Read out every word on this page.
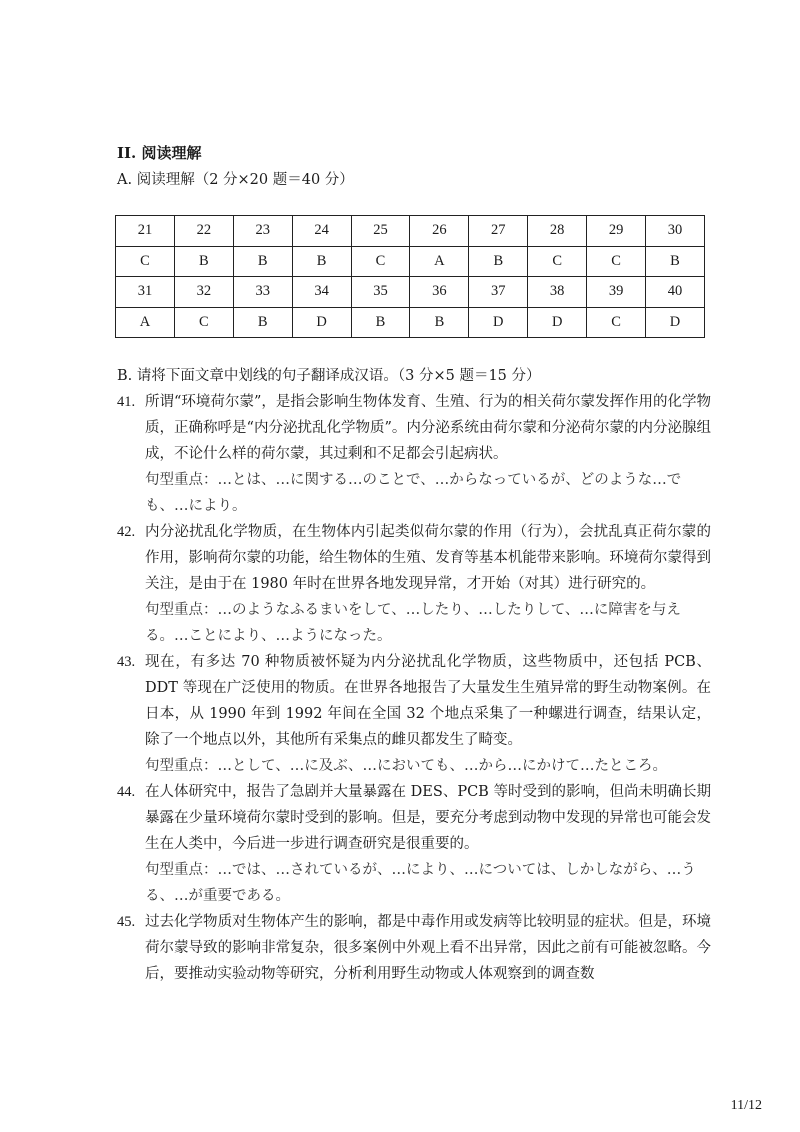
II. 阅读理解

A. 阅读理解（2 分×20 题＝40 分）

21	22	23	24	25	26	27	28	29	30
C	B	B	B	C	A	B	C	C	B
31	32	33	34	35	36	37	38	39	40
A	C	B	D	B	B	D	D	C	D

B. 请将下面文章中划线的句子翻译成汉语。（3 分×5 题＝15 分）

41. 所谓“环境荷尔蒙”，是指会影响生物体发育、生殖、行为的相关荷尔蒙发挥作用的化学物质，正确称呼是“内分泌扰乱化学物质”。内分泌系统由荷尔蒙和分泌荷尔蒙的内分泌腺组成，不论什么样的荷尔蒙，其过剩和不足都会引起病状。

句型重点：…とは、…に関する…のことで、…からなっているが、どのような…でも、…により。

42. 内分泌扰乱化学物质，在生物体内引起类似荷尔蒙的作用（行为），会扰乱真正荷尔蒙的作用，影响荷尔蒙的功能，给生物体的生殖、发育等基本机能带来影响。环境荷尔蒙得到关注，是由于在 1980 年时在世界各地发现异常，才开始（对其）进行研究的。

句型重点：…のようなふるまいをして、…したり、…したりして、…に障害を与える。…ことにより、…ようになった。

43. 现在，有多达 70 种物质被怀疑为内分泌扰乱化学物质，这些物质中，还包括 PCB、DDT 等现在广泛使用的物质。在世界各地报告了大量发生生殖异常的野生动物案例。在日本，从 1990 年到 1992 年间在全国 32 个地点采集了一种螺进行调查，结果认定，除了一个地点以外，其他所有采集点的雌贝都发生了畸变。

句型重点：…として、…に及ぶ、…においても、…から…にかけて…たところ。

44. 在人体研究中，报告了急剧并大量暴露在 DES、PCB 等时受到的影响，但尚未明确长期暴露在少量环境荷尔蒙时受到的影响。但是，要充分考虑到动物中发现的异常也可能会发生在人类中，今后进一步进行调查研究是很重要的。

句型重点：…では、…されているが、…により、…については、しかしながら、…うる、…が重要である。

45. 过去化学物质对生物体产生的影响，都是中毒作用或发病等比较明显的症状。但是，环境荷尔蒙导致的影响非常复杂，很多案例中外观上看不出异常，因此之前有可能被忽略。今后，要推动实验动物等研究，分析利用野生动物或人体观察到的调查数

11/12
